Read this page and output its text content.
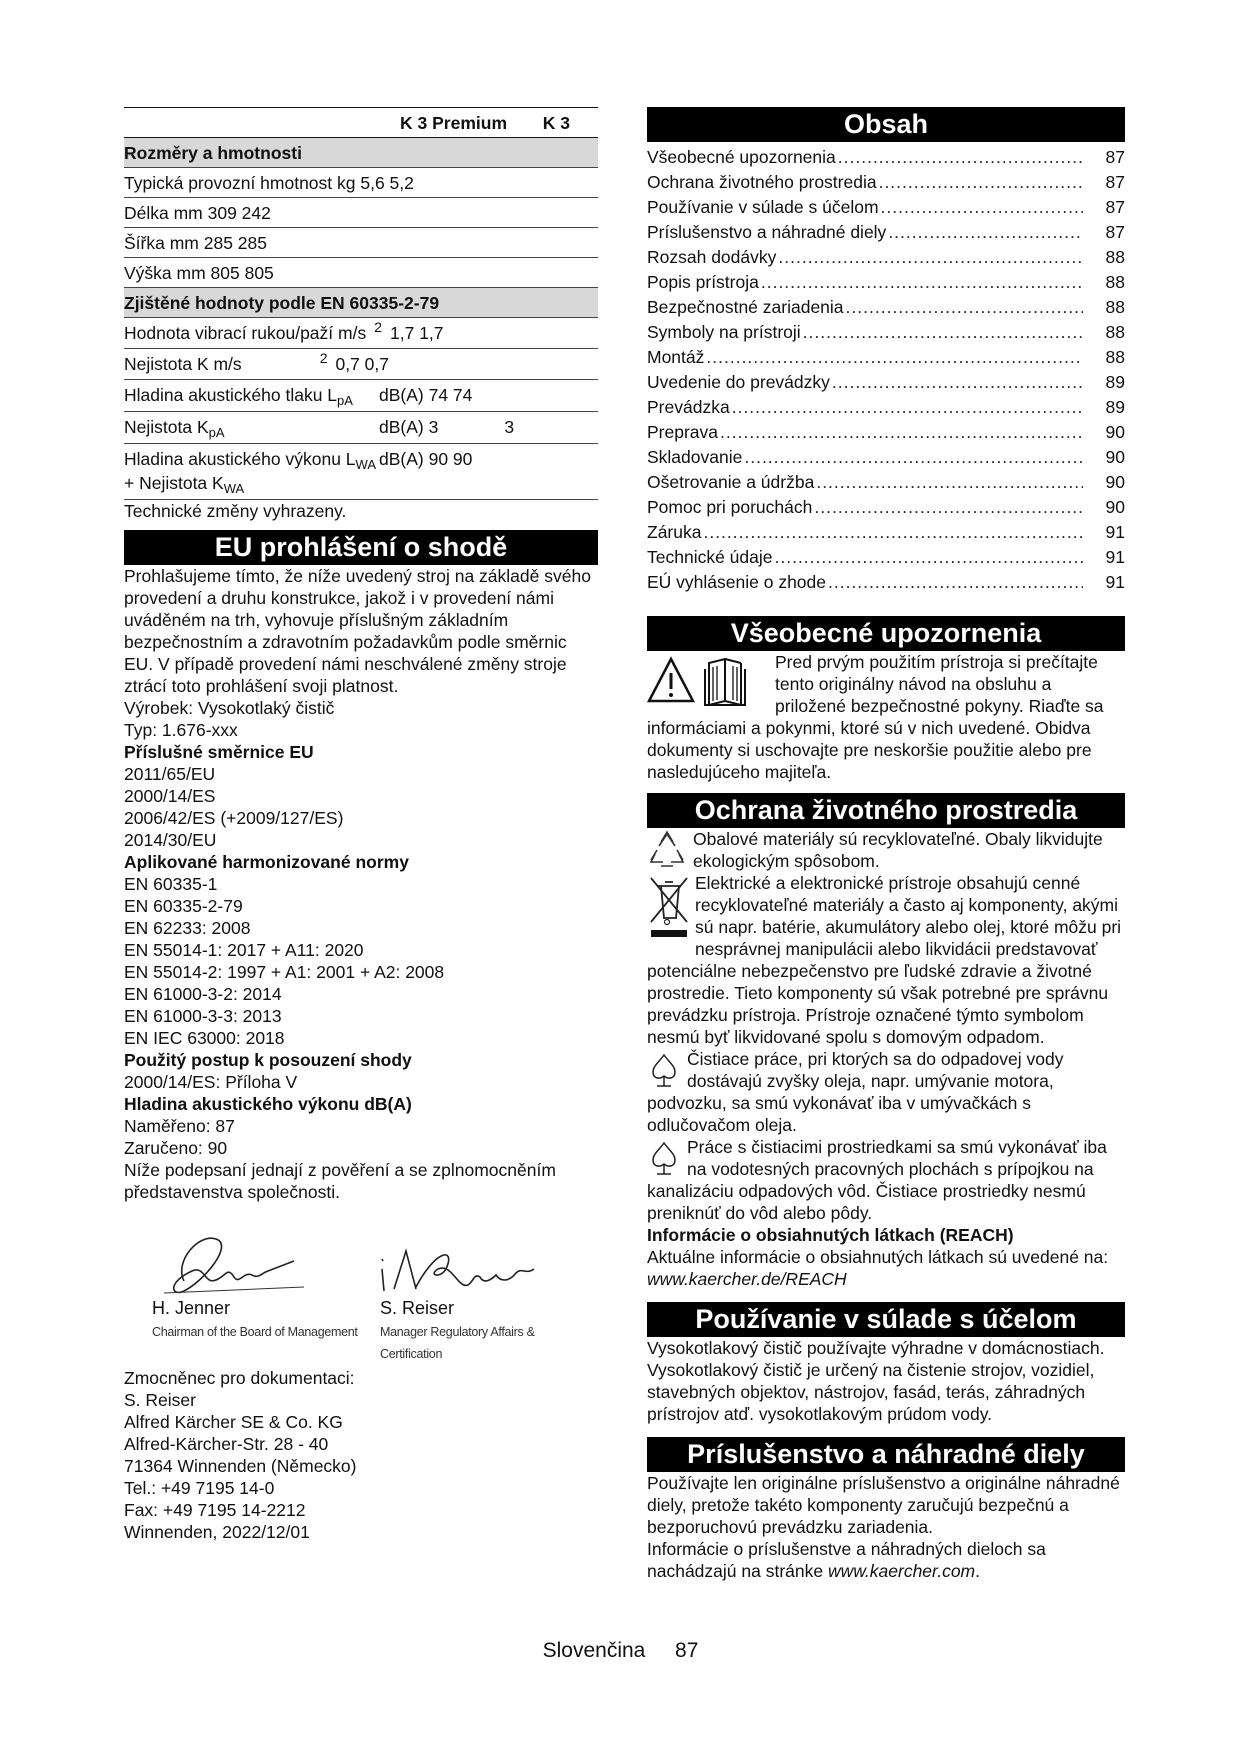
K 3 Premium K 3	
Rozměry a hmotnosti	
Typická provozní hmotnost kg 5,6 5,2	
Délka mm 309 242	
Šířka mm 285 285	
Výška mm 805 805	
Zjištěné hodnoty podle EN 60335-2-79	
Hodnota vibrací rukou/paží m/s $^2$ 1,7 1,7	
Nejistota K m/s $^2$ 0,7 0,7	
Hladina akustického tlaku $L_{pA}$	dB(A) 74 74
Nejistota $K_{pA}$	dB(A) 3 3
Hladina akustického výkonu $L_{WA}$ + Nejistota $K_{WA}$	dB(A) 90 90

Technické změny vyhrazeny.

EU prohlášení o shodě

Prohlašujeme tímto, že níže uvedený stroj na základě svého provedení a druhu konstrukce, jakož i v provedení námi uváděném na trh, vyhovuje příslušným základním bezpečnostním a zdravotním požadavkům podle směrnic EU. V případě provedení námi neschválené změny stroje ztrácí toto prohlášení svoji platnost.

Výrobek: Vysokotlaký čistič

Typ: 1.676-xxx

Příslušné směrnice EU

2011/65/EU

2000/14/ES

2006/42/ES (+2009/127/ES)

2014/30/EU

Aplikované harmonizované normy

EN 60335-1

EN 60335-2-79

EN 62233: 2008

EN 55014-1: 2017 + A11: 2020

EN 55014-2: 1997 + A1: 2001 + A2: 2008

EN 61000-3-2: 2014

EN 61000-3-3: 2013

EN IEC 63000: 2018

Použitý postup k posouzení shody

2000/14/ES: Příloha V

Hladina akustického výkonu dB(A)

Naměřeno: 87

Zaručeno: 90

Níže podepsaní jednají z pověření a se zplnomocněním představenstva společnosti.

H. Jenner
Chairman of the Board of Management
S. Reiser
Manager Regulatory Affairs & Certification

Zmocněnec pro dokumentaci:

S. Reiser

Alfred Kärcher SE & Co. KG

Alfred-Kärcher-Str. 28 - 40

71364 Winnenden (Německo)

Tel.: +49 7195 14-0

Fax: +49 7195 14-2212

Winnenden, 2022/12/01

Obsah
Všeobecné upozornenia .....	87
Ochrana životného prostredia .....	87
Používanie v súlade s účelom .....	87
Príslušenstvo a náhradné diely .....	87
Rozsah dodávky .....	88
Popis prístroja .....	88
Bezpečnostné zariadenia .....	88
Symboly na prístroji .....	88
Montáž .....	88
Uvedenie do prevádzky .....	89
Prevádzka .....	89
Preprava .....	90
Skladovanie .....	90
Ošetrovanie a údržba .....	90
Pomoc pri poruchách .....	90
Záruka .....	91
Technické údaje .....	91
EÚ vyhlásenie o zhode .....	91
Všeobecné upozornenia

Pred prvým použitím prístroja si prečítajte tento originálny návod na obsluhu a priložené bezpečnostné pokyny. Riaďte sa informáciami a pokynmi, ktoré sú v nich uvedené. Obidva dokumenty si uschovajte pre neskoršie použitie alebo pre nasledujúceho majiteľa.

Ochrana životného prostredia

Obalové materiály sú recyklovateľné. Obaly likvidujte ekologickým spôsobom.

Elektrické a elektronické prístroje obsahujú cenné recyklovateľné materiály a často aj komponenty, akými sú napr. batérie, akumulátory alebo olej, ktoré môžu pri nesprávnej manipulácii alebo likvidácii predstavovať potenciálne nebezpečenstvo pre ľudské zdravie a životné prostredie. Tieto komponenty sú však potrebné pre správnu prevádzku prístroja. Prístroje označené týmto symbolom nesmú byť likvidované spolu s domovým odpadom.

Čistiace práce, pri ktorých sa do odpadovej vody dostávajú zvyšky oleja, napr. umývanie motora, podvozku, sa smú vykonávať iba v umývačkách s odlučovačom oleja.

Práce s čistiacimi prostriedkami sa smú vykonávať iba na vodotesných pracovných plochách s prípojkou na kanalizáciu odpadových vôd. Čistiace prostriedky nesmú preniknúť do vôd alebo pôdy.

Informácie o obsiahnutých látkach (REACH)

Aktuálne informácie o obsiahnutých látkach sú uvedené na: www.kaercher.de/REACH

Používanie v súlade s účelom

Vysokotlakový čistič používajte výhradne v domácnostiach.

Vysokotlakový čistič je určený na čistenie strojov, vozidiel, stavebných objektov, nástrojov, fasád, terás, záhradných prístrojov atď. vysokotlakovým prúdom vody.

Príslušenstvo a náhradné diely

Používajte len originálne príslušenstvo a originálne náhradné diely, pretože takéto komponenty zaručujú bezpečnú a bezporuchovú prevádzku zariadenia.

Informácie o príslušenstve a náhradných dieloch sa nachádzajú na stránke www.kaercher.com.

Slovenčina 87
